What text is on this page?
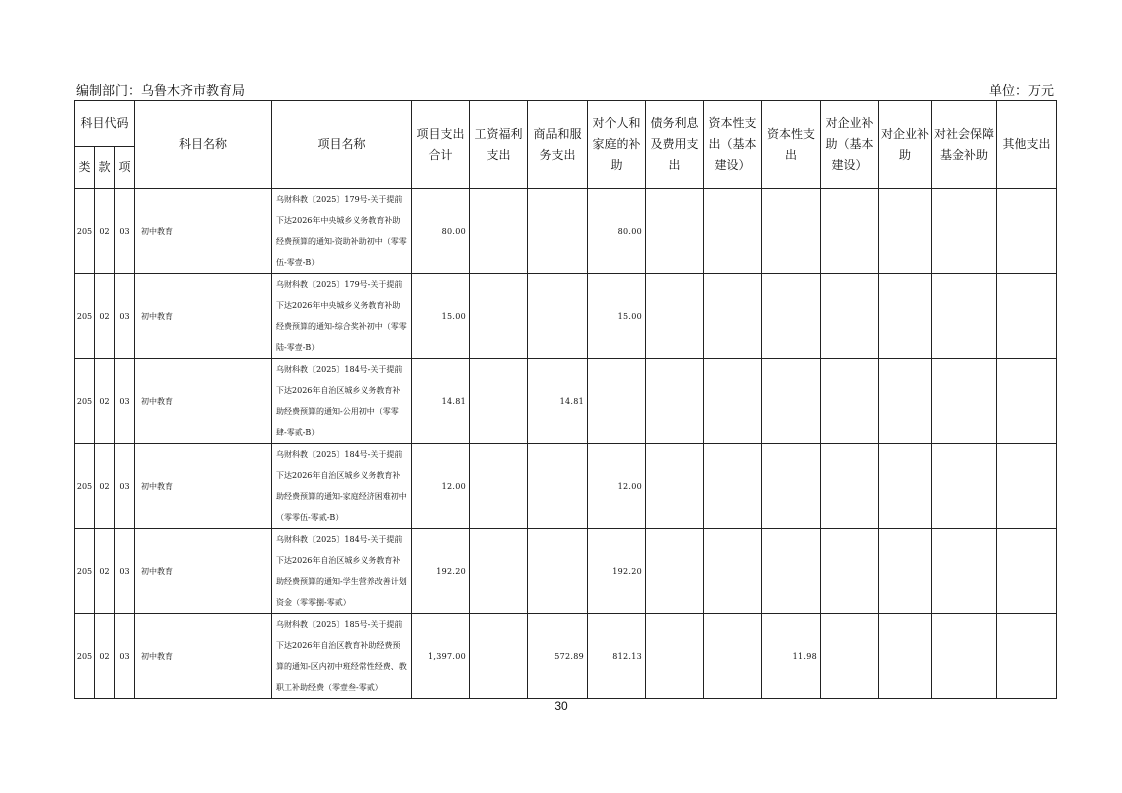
编制部门：乌鲁木齐市教育局	单位：万元
科目代码			科目名称	项目名称	项目支出合计	工资福利支出	商品和服务支出	对个人和家庭的补助	债务利息及费用支出	资本性支出（基本建设）	资本性支出	对企业补助（基本建设）	对企业补助	对社会保障基金补助	其他支出
类	款	项													
205	02	03	初中教育	乌财科教〔2025〕179号-关于提前下达2026年中央城乡义务教育补助经费预算的通知-资助补助初中（零零伍-零壹-B）	80.00			80.00							
205	02	03	初中教育	乌财科教〔2025〕179号-关于提前下达2026年中央城乡义务教育补助经费预算的通知-综合奖补初中（零零陆-零壹-B）	15.00			15.00							
205	02	03	初中教育	乌财科教〔2025〕184号-关于提前下达2026年自治区城乡义务教育补助经费预算的通知-公用初中（零零肆-零贰-B）	14.81		14.81								
205	02	03	初中教育	乌财科教〔2025〕184号-关于提前下达2026年自治区城乡义务教育补助经费预算的通知-家庭经济困难初中（零零伍-零贰-B）	12.00			12.00							
205	02	03	初中教育	乌财科教〔2025〕184号-关于提前下达2026年自治区城乡义务教育补助经费预算的通知-学生营养改善计划资金（零零捌-零贰）	192.20			192.20							
205	02	03	初中教育	乌财科教〔2025〕185号-关于提前下达2026年自治区教育补助经费预算的通知-区内初中班经常性经费、教职工补助经费（零壹叁-零贰）	1,397.00		572.89	812.13			11.98				
30
